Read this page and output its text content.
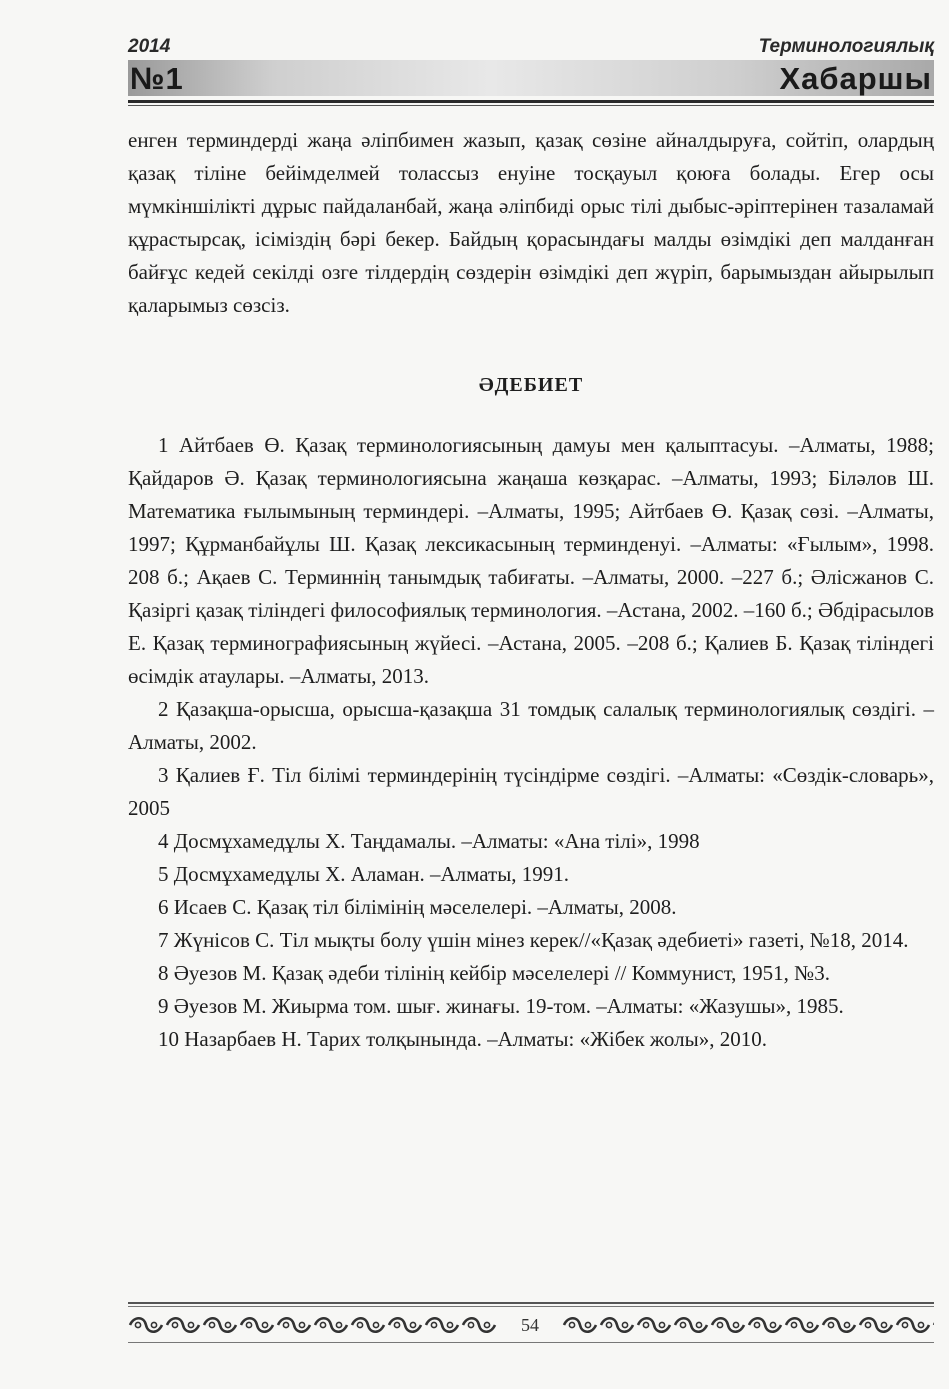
2014	Терминологиялық
№1	Хабаршы

енген терминдерді жаңа әліпбимен жазып, қазақ сөзіне айналдыруға, сойтіп, олардың қазақ тіліне бейімделмей толассыз енуіне тосқауыл қоюға болады. Егер осы мүмкіншілікті дұрыс пайдаланбай, жаңа әліпбиді орыс тілі дыбыс-әріптерінен тазаламай құрастырсақ, ісіміздің бәрі бекер. Байдың қорасындағы малды өзімдікі деп малданған байғұс кедей секілді озге тілдердің сөздерін өзімдікі деп жүріп, барымыздан айырылып қаларымыз сөзсіз.

ӘДЕБИЕТ

1 Айтбаев Ө. Қазақ терминологиясының дамуы мен қалыптасуы. –Алматы, 1988; Қайдаров Ә. Қазақ терминологиясына жаңаша көзқарас. –Алматы, 1993; Біләлов Ш. Математика ғылымының терминдері. –Алматы, 1995; Айтбаев Ө. Қазақ сөзі. –Алматы, 1997; Құрманбайұлы Ш. Қазақ лексикасының терминденуі. –Алматы: «Ғылым», 1998. 208 б.; Ақаев С. Терминнің танымдық табиғаты. –Алматы, 2000. –227 б.; Әлісжанов С. Қазіргі қазақ тіліндегі философиялық терминология. –Астана, 2002. –160 б.; Әбдірасылов Е. Қазақ терминографиясының жүйесі. –Астана, 2005. –208 б.; Қалиев Б. Қазақ тіліндегі өсімдік атаулары. –Алматы, 2013.

2 Қазақша-орысша, орысша-қазақша 31 томдық салалық терминологиялық сөздігі. –Алматы, 2002.

3 Қалиев Ғ. Тіл білімі терминдерінің түсіндірме сөздігі. –Алматы: «Сөздік-словарь», 2005

4 Досмұхамедұлы Х. Таңдамалы. –Алматы: «Ана тілі», 1998

5 Досмұхамедұлы Х. Аламан. –Алматы, 1991.

6 Исаев С. Қазақ тіл білімінің мәселелері. –Алматы, 2008.

7 Жүнісов С. Тіл мықты болу үшін мінез керек//«Қазақ әдебиеті» газеті, №18, 2014.

8 Әуезов М. Қазақ әдеби тілінің кейбір мәселелері // Коммунист, 1951, №3.

9 Әуезов М. Жиырма том. шығ. жинағы. 19-том. –Алматы: «Жазушы», 1985.

10 Назарбаев Н. Тарих толқынында. –Алматы: «Жібек жолы», 2010.

54
